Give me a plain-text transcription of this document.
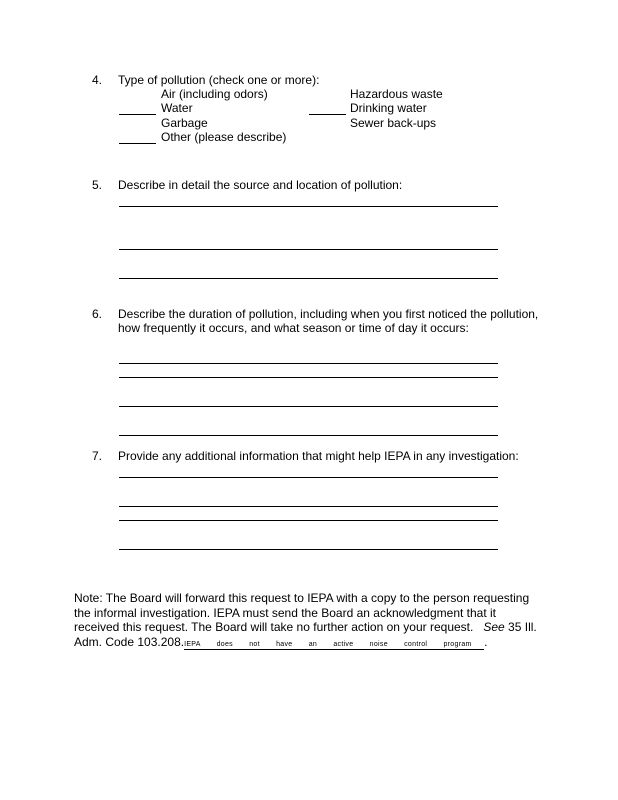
4. Type of pollution (check one or more):
Air (including odors)
Water
Garbage
Other (please describe)
Hazardous waste
Drinking water
Sewer back-ups
5. Describe in detail the source and location of pollution:
6. Describe the duration of pollution, including when you first noticed the pollution,
how frequently it occurs, and what season or time of day it occurs:
7. Provide any additional information that might help IEPA in any investigation:
Note: The Board will forward this request to IEPA with a copy to the person requesting the informal investigation. IEPA must send the Board an acknowledgment that it received this request. The Board will take no further action on your request. See 35 Ill. Adm. Code 103.208.IEPA does not have an active noise control program .
